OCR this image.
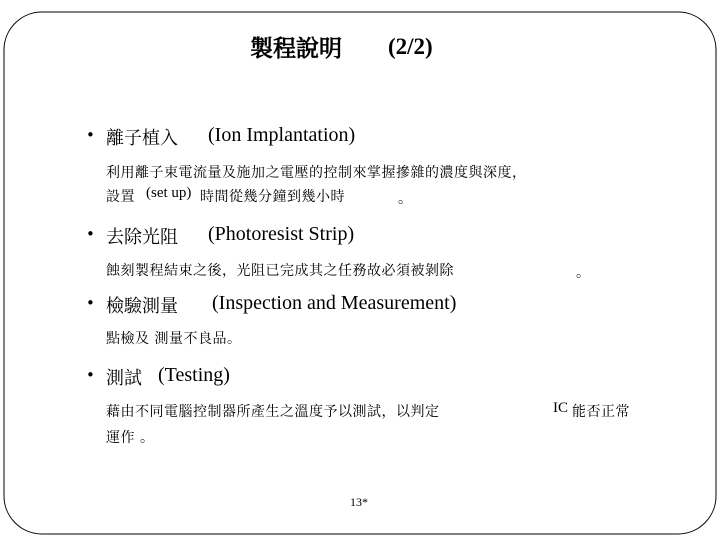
製程說明 (2/2)
• 離子植入 (Ion Implantation)
利用離子束電流量及施加之電壓的控制來掌握摻雜的濃度與深度，
設置 (set up) 時間從幾分鐘到幾小時	。
• 去除光阻 (Photoresist Strip)
蝕刻製程結束之後，光阻已完成其之任務故必須被剝除	。
• 檢驗測量 (Inspection and Measurement)
點檢及 測量不良品。
• 測試 (Testing)
藉由不同電腦控制器所產生之溫度予以測試，以判定	IC 能否正常
運作 。
13*
